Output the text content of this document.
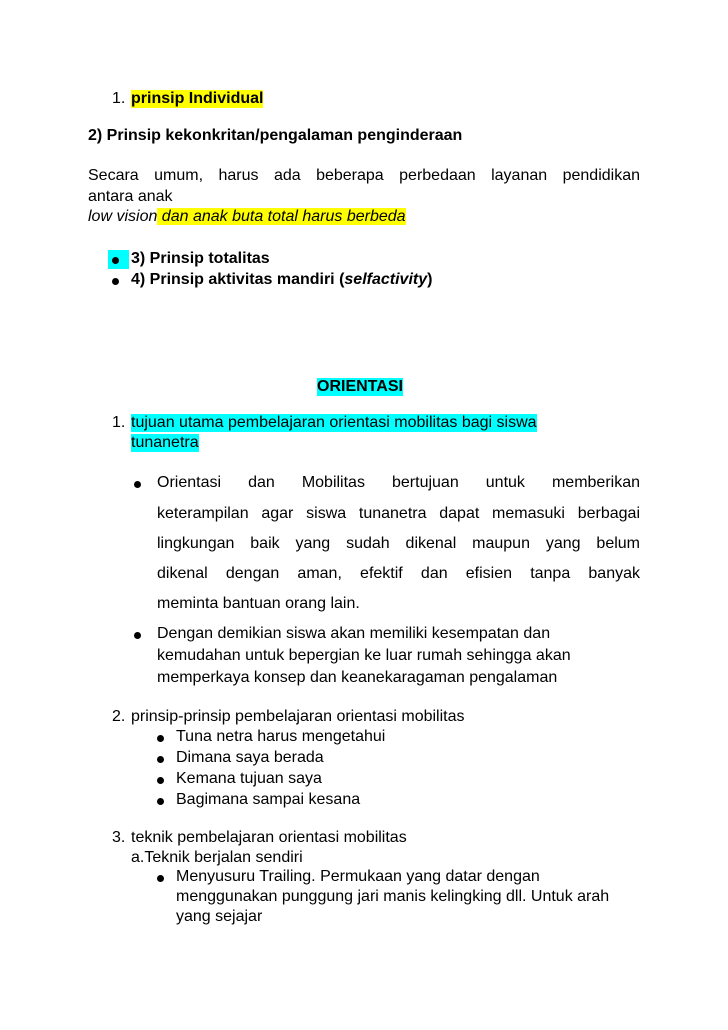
1. prinsip Individual
2) Prinsip kekonkritan/pengalaman penginderaan
Secara umum, harus ada beberapa perbedaan layanan pendidikan
antara anak
low vision dan anak buta total harus berbeda
3) Prinsip totalitas
4) Prinsip aktivitas mandiri (selfactivity)
ORIENTASI
1. tujuan utama pembelajaran orientasi mobilitas bagi siswa
tunanetra
Orientasi dan Mobilitas bertujuan untuk memberikan
keterampilan agar siswa tunanetra dapat memasuki berbagai
lingkungan baik yang sudah dikenal maupun yang belum
dikenal dengan aman, efektif dan efisien tanpa banyak
meminta bantuan orang lain.
Dengan demikian siswa akan memiliki kesempatan dan
kemudahan untuk bepergian ke luar rumah sehingga akan
memperkaya konsep dan keanekaragaman pengalaman
2. prinsip-prinsip pembelajaran orientasi mobilitas
Tuna netra harus mengetahui
Dimana saya berada
Kemana tujuan saya
Bagimana sampai kesana
3. teknik pembelajaran orientasi mobilitas
a.Teknik berjalan sendiri
Menyusuru Trailing. Permukaan yang datar dengan
menggunakan punggung jari manis kelingking dll. Untuk arah
yang sejajar
